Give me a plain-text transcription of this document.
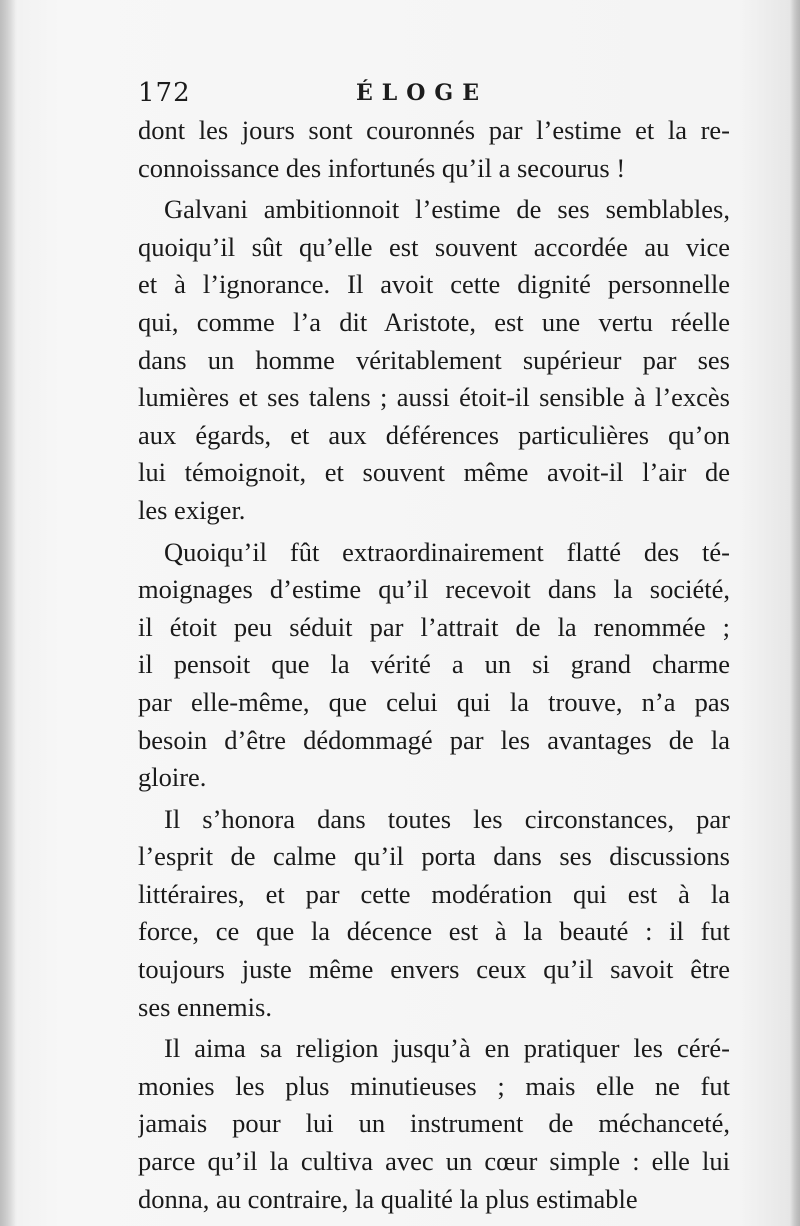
172	ÉLOGE
dont les jours sont couronnés par l’estime et la re-
connoissance des infortunés qu’il a secourus !
Galvani ambitionnoit l’estime de ses semblables,
quoiqu’il sût qu’elle est souvent accordée au vice
et à l’ignorance. Il avoit cette dignité personnelle
qui, comme l’a dit Aristote, est une vertu réelle
dans un homme véritablement supérieur par ses
lumières et ses talens ; aussi étoit-il sensible à l’excès
aux égards, et aux déférences particulières qu’on
lui témoignoit, et souvent même avoit-il l’air de
les exiger.
Quoiqu’il fût extraordinairement flatté des té-
moignages d’estime qu’il recevoit dans la société,
il étoit peu séduit par l’attrait de la renommée ;
il pensoit que la vérité a un si grand charme
par elle-même, que celui qui la trouve, n’a pas
besoin d’être dédommagé par les avantages de la
gloire.
Il s’honora dans toutes les circonstances, par
l’esprit de calme qu’il porta dans ses discussions
littéraires, et par cette modération qui est à la
force, ce que la décence est à la beauté : il fut
toujours juste même envers ceux qu’il savoit être
ses ennemis.
Il aima sa religion jusqu’à en pratiquer les céré-
monies les plus minutieuses ; mais elle ne fut
jamais pour lui un instrument de méchanceté,
parce qu’il la cultiva avec un cœur simple : elle lui
donna, au contraire, la qualité la plus estimable
